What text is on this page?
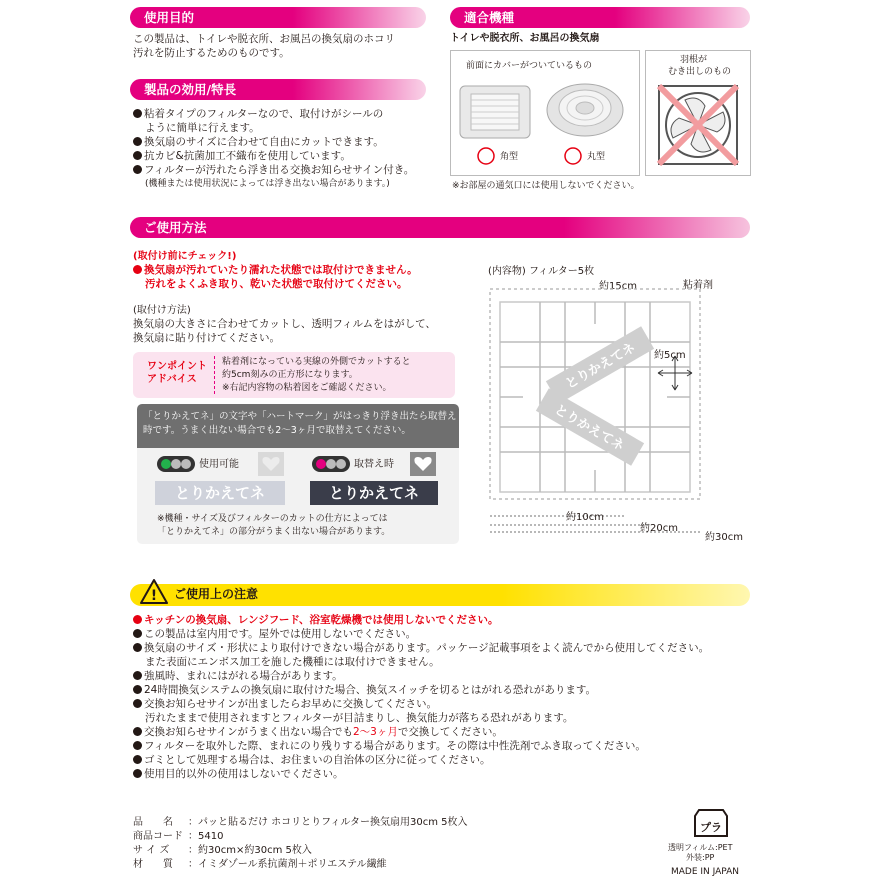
使用目的
この製品は、トイレや脱衣所、お風呂の換気扇のホコリ
汚れを防止するためのものです。
製品の効用/特長
粘着タイプのフィルターなので、取付けがシールの
ように簡単に行えます。
換気扇のサイズに合わせて自由にカットできます。
抗カビ&抗菌加工不織布を使用しています。
フィルターが汚れたら浮き出る交換お知らせサイン付き。
(機種または使用状況によっては浮き出ない場合があります。)
適合機種
トイレや脱衣所、お風呂の換気扇
前面にカバーがついているもの
角型	丸型
羽根が
むき出しのもの
※お部屋の通気口には使用しないでください。
ご使用方法
(取付け前にチェック!)
換気扇が汚れていたり濡れた状態では取付けできません。
汚れをよくふき取り、乾いた状態で取付けてください。
(取付け方法)
換気扇の大きさに合わせてカットし、透明フィルムをはがして、
換気扇に貼り付けてください。
ワンポイント
アドバイス
粘着剤になっている実線の外側でカットすると
約5cm刻みの正方形になります。
※右記内容物の粘着図をご確認ください。
「とりかえてネ」の文字や「ハートマーク」がはっきり浮き出たら取替え
時です。うまく出ない場合でも2〜3ヶ月で取替えてください。
使用可能
とりかえてネ
取替え時
とりかえてネ
※機種・サイズ及びフィルターのカットの仕方によっては
「とりかえてネ」の部分がうまく出ない場合があります。
(内容物) フィルター5枚
粘着剤
約15cm
約5cm
約10cm
約20cm
約30cm
とりかえてネ
とりかえてネ
! ご使用上の注意
キッチンの換気扇、レンジフード、浴室乾燥機では使用しないでください。
この製品は室内用です。屋外では使用しないでください。
換気扇のサイズ・形状により取付けできない場合があります。パッケージ記載事項をよく読んでから使用してください。
また表面にエンボス加工を施した機種には取付けできません。
強風時、まれにはがれる場合があります。
24時間換気システムの換気扇に取付けた場合、換気スイッチを切るとはがれる恐れがあります。
交換お知らせサインが出ましたらお早めに交換してください。
汚れたままで使用されますとフィルターが目詰まりし、換気能力が落ちる恐れがあります。
交換お知らせサインがうまく出ない場合でも2〜3ヶ月で交換してください。
フィルターを取外した際、まれにのり残りする場合があります。その際は中性洗剤でふき取ってください。
ゴミとして処理する場合は、お住まいの自治体の区分に従ってください。
使用目的以外の使用はしないでください。
品　　名 ：パッと貼るだけ ホコリとりフィルター換気扇用30cm 5枚入
商品コード ：5410
サ イ ズ ：約30cm×約30cm 5枚入
材　　質 ：イミダゾール系抗菌剤＋ポリエステル繊維
プラ
透明フィルム:PET
外装:PP
MADE IN JAPAN
